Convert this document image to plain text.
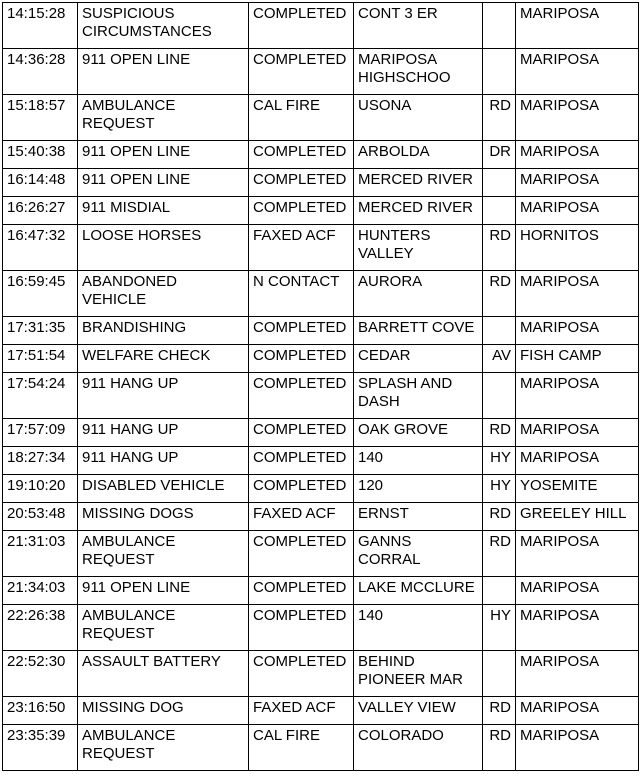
14:15:28	SUSPICIOUS CIRCUMSTANCES	COMPLETED	CONT 3 ER		MARIPOSA
14:36:28	911 OPEN LINE	COMPLETED	MARIPOSA HIGHSCHOO		MARIPOSA
15:18:57	AMBULANCE REQUEST	CAL FIRE	USONA	RD	MARIPOSA
15:40:38	911 OPEN LINE	COMPLETED	ARBOLDA	DR	MARIPOSA
16:14:48	911 OPEN LINE	COMPLETED	MERCED RIVER		MARIPOSA
16:26:27	911 MISDIAL	COMPLETED	MERCED RIVER		MARIPOSA
16:47:32	LOOSE HORSES	FAXED ACF	HUNTERS VALLEY	RD	HORNITOS
16:59:45	ABANDONED VEHICLE	N CONTACT	AURORA	RD	MARIPOSA
17:31:35	BRANDISHING	COMPLETED	BARRETT COVE		MARIPOSA
17:51:54	WELFARE CHECK	COMPLETED	CEDAR	AV	FISH CAMP
17:54:24	911 HANG UP	COMPLETED	SPLASH AND DASH		MARIPOSA
17:57:09	911 HANG UP	COMPLETED	OAK GROVE	RD	MARIPOSA
18:27:34	911 HANG UP	COMPLETED	140	HY	MARIPOSA
19:10:20	DISABLED VEHICLE	COMPLETED	120	HY	YOSEMITE
20:53:48	MISSING DOGS	FAXED ACF	ERNST	RD	GREELEY HILL
21:31:03	AMBULANCE REQUEST	COMPLETED	GANNS CORRAL	RD	MARIPOSA
21:34:03	911 OPEN LINE	COMPLETED	LAKE MCCLURE		MARIPOSA
22:26:38	AMBULANCE REQUEST	COMPLETED	140	HY	MARIPOSA
22:52:30	ASSAULT BATTERY	COMPLETED	BEHIND PIONEER MAR		MARIPOSA
23:16:50	MISSING DOG	FAXED ACF	VALLEY VIEW	RD	MARIPOSA
23:35:39	AMBULANCE REQUEST	CAL FIRE	COLORADO	RD	MARIPOSA
